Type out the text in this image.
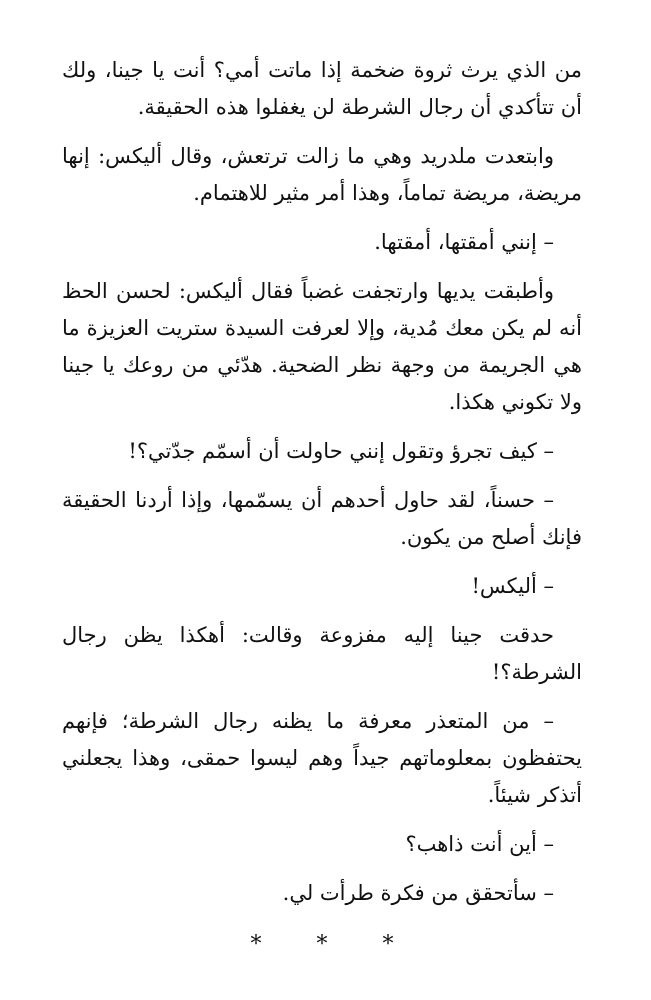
من الذي يرث ثروة ضخمة إذا ماتت أمي؟ أنت يا جينا، ولك أن تتأكدي أن رجال الشرطة لن يغفلوا هذه الحقيقة.

وابتعدت ملدريد وهي ما زالت ترتعش، وقال أليكس: إنها مريضة، مريضة تماماً، وهذا أمر مثير للاهتمام.

– إنني أمقتها، أمقتها.

وأطبقت يديها وارتجفت غضباً فقال أليكس: لحسن الحظ أنه لم يكن معك مُدية، وإلا لعرفت السيدة ستريت العزيزة ما هي الجريمة من وجهة نظر الضحية. هدّئي من روعك يا جينا ولا تكوني هكذا.

– كيف تجرؤ وتقول إنني حاولت أن أسمّم جدّتي؟!

– حسناً، لقد حاول أحدهم أن يسمّمها، وإذا أردنا الحقيقة فإنك أصلح من يكون.

– أليكس!

حدقت جينا إليه مفزوعة وقالت: أهكذا يظن رجال الشرطة؟!

– من المتعذر معرفة ما يظنه رجال الشرطة؛ فإنهم يحتفظون بمعلوماتهم جيداً وهم ليسوا حمقى، وهذا يجعلني أتذكر شيئاً.

– أين أنت ذاهب؟

– سأتحقق من فكرة طرأت لي.

* * *
